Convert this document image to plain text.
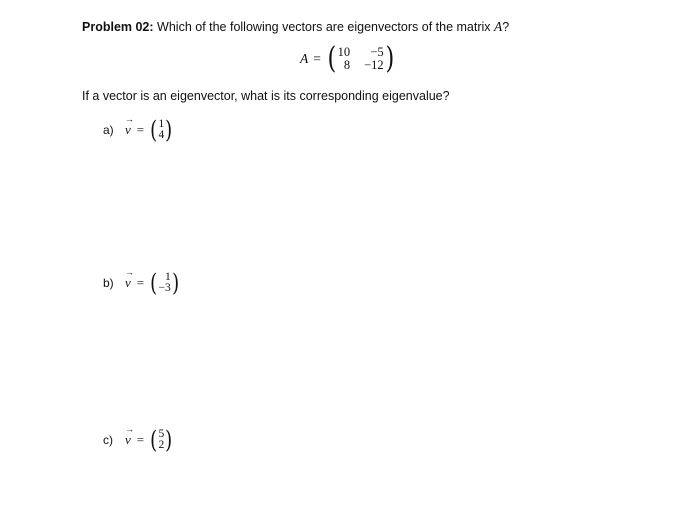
Problem 02: Which of the following vectors are eigenvectors of the matrix A?
A = ( 10	−5
8 −12 )
If a vector is an eigenvector, what is its corresponding eigenvalue?
a) v
→
= ( 1
4 )
b) v
→
= ( 1
−3 )
c) v
→
= ( 5
2 )
